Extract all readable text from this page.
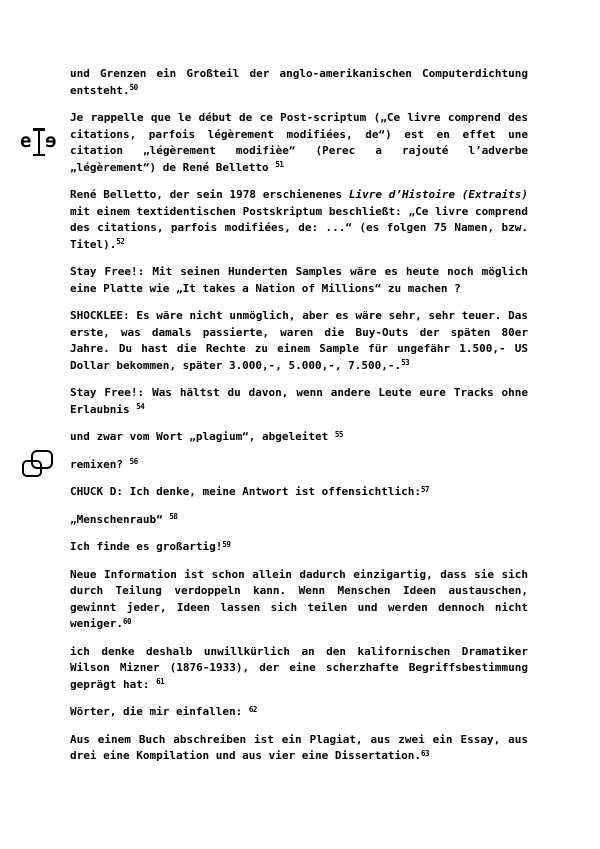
e e

und Grenzen ein Großteil der anglo-amerikanischen Computerdichtung entsteht.$^{50}$

Je rappelle que le début de ce Post-scriptum („Ce livre comprend des citations, parfois légèrement modifiées, de“) est en effet une citation „légèrement modifièe“ (Perec a rajouté l’adverbe „légèrement“) de René Belletto $^{51}$

René Belletto, der sein 1978 erschienenes Livre d’Histoire (Extraits) mit einem textidentischen Postskriptum beschließt: „Ce livre comprend des citations, parfois modifiées, de: ...“ (es folgen 75 Namen, bzw. Titel).$^{52}$

Stay Free!: Mit seinen Hunderten Samples wäre es heute noch möglich eine Platte wie „It takes a Nation of Millions“ zu machen ?

SHOCKLEE: Es wäre nicht unmöglich, aber es wäre sehr, sehr teuer. Das erste, was damals passierte, waren die Buy-Outs der späten 80er Jahre. Du hast die Rechte zu einem Sample für ungefähr 1.500,- US Dollar bekommen, später 3.000,-, 5.000,-, 7.500,-.$^{53}$

Stay Free!: Was hältst du davon, wenn andere Leute eure Tracks ohne Erlaubnis $^{54}$

und zwar vom Wort „plagium“, abgeleitet $^{55}$

remixen? $^{56}$

CHUCK D: Ich denke, meine Antwort ist offensichtlich:$^{57}$

„Menschenraub“ $^{58}$

Ich finde es großartig!$^{59}$

Neue Information ist schon allein dadurch einzigartig, dass sie sich durch Teilung verdoppeln kann. Wenn Menschen Ideen austauschen, gewinnt jeder, Ideen lassen sich teilen und werden dennoch nicht weniger.$^{60}$

ich denke deshalb unwillkürlich an den kalifornischen Dramatiker Wilson Mizner (1876-1933), der eine scherzhafte Begriffsbestimmung geprägt hat: $^{61}$

Wörter, die mir einfallen: $^{62}$

Aus einem Buch abschreiben ist ein Plagiat, aus zwei ein Essay, aus drei eine Kompilation und aus vier eine Dissertation.$^{63}$
